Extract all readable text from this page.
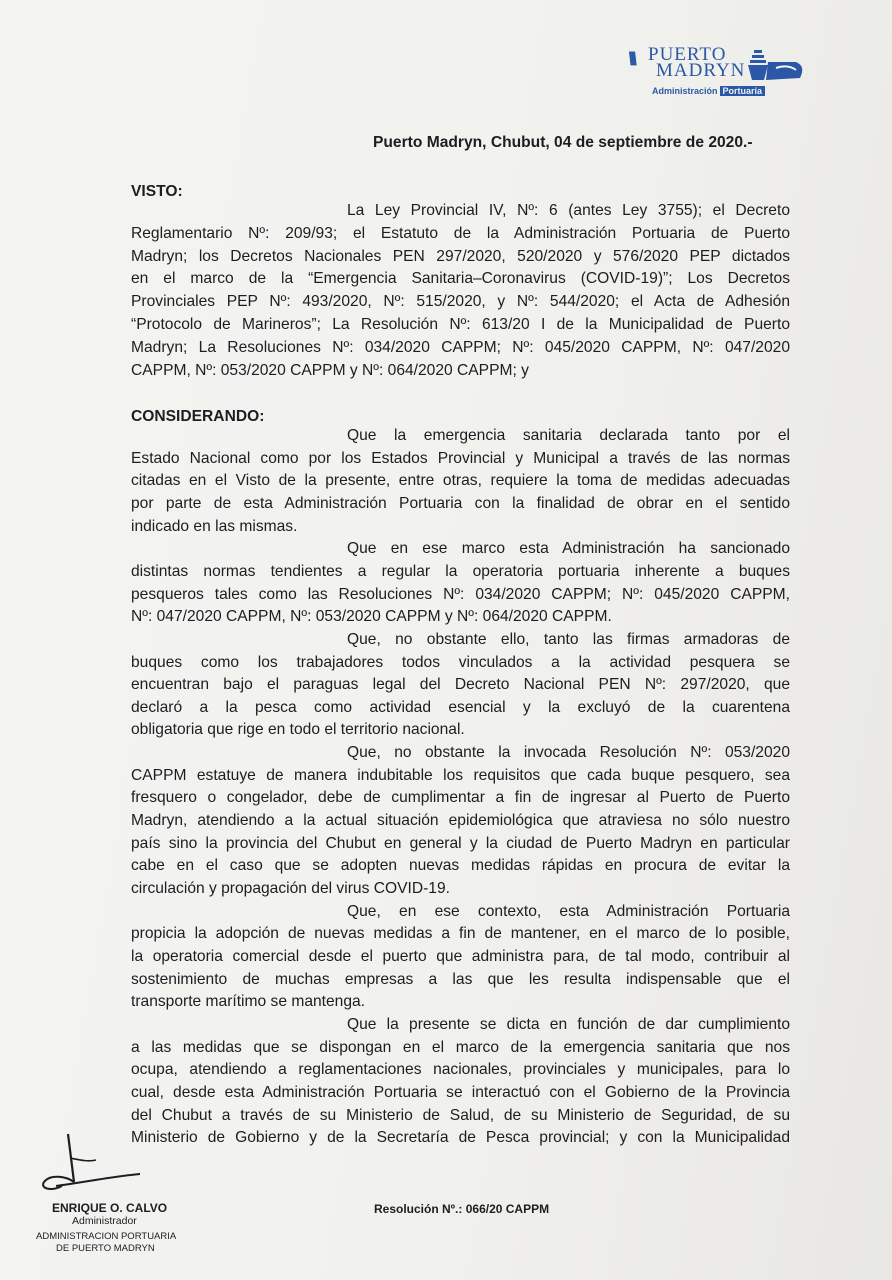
\\\ PUERTO
MADRYN
Administración Portuaria
Puerto Madryn, Chubut, 04 de septiembre de 2020.-
VISTO:
La Ley Provincial IV, Nº: 6 (antes Ley 3755); el Decreto
Reglamentario Nº: 209/93; el Estatuto de la Administración Portuaria de Puerto
Madryn; los Decretos Nacionales PEN 297/2020, 520/2020 y 576/2020 PEP dictados
en el marco de la “Emergencia Sanitaria–Coronavirus (COVID-19)”; Los Decretos
Provinciales PEP Nº: 493/2020, Nº: 515/2020, y Nº: 544/2020; el Acta de Adhesión
“Protocolo de Marineros”; La Resolución Nº: 613/20 I de la Municipalidad de Puerto
Madryn; La Resoluciones Nº: 034/2020 CAPPM; Nº: 045/2020 CAPPM, Nº: 047/2020
CAPPM, Nº: 053/2020 CAPPM y Nº: 064/2020 CAPPM; y
CONSIDERANDO:
Que la emergencia sanitaria declarada tanto por el
Estado Nacional como por los Estados Provincial y Municipal a través de las normas
citadas en el Visto de la presente, entre otras, requiere la toma de medidas adecuadas
por parte de esta Administración Portuaria con la finalidad de obrar en el sentido
indicado en las mismas.
Que en ese marco esta Administración ha sancionado
distintas normas tendientes a regular la operatoria portuaria inherente a buques
pesqueros tales como las Resoluciones Nº: 034/2020 CAPPM; Nº: 045/2020 CAPPM,
Nº: 047/2020 CAPPM, Nº: 053/2020 CAPPM y Nº: 064/2020 CAPPM.
Que, no obstante ello, tanto las firmas armadoras de
buques como los trabajadores todos vinculados a la actividad pesquera se
encuentran bajo el paraguas legal del Decreto Nacional PEN Nº: 297/2020, que
declaró a la pesca como actividad esencial y la excluyó de la cuarentena
obligatoria que rige en todo el territorio nacional.
Que, no obstante la invocada Resolución Nº: 053/2020
CAPPM estatuye de manera indubitable los requisitos que cada buque pesquero, sea
fresquero o congelador, debe de cumplimentar a fin de ingresar al Puerto de Puerto
Madryn, atendiendo a la actual situación epidemiológica que atraviesa no sólo nuestro
país sino la provincia del Chubut en general y la ciudad de Puerto Madryn en particular
cabe en el caso que se adopten nuevas medidas rápidas en procura de evitar la
circulación y propagación del virus COVID-19.
Que, en ese contexto, esta Administración Portuaria
propicia la adopción de nuevas medidas a fin de mantener, en el marco de lo posible,
la operatoria comercial desde el puerto que administra para, de tal modo, contribuir al
sostenimiento de muchas empresas a las que les resulta indispensable que el
transporte marítimo se mantenga.
Que la presente se dicta en función de dar cumplimiento
a las medidas que se dispongan en el marco de la emergencia sanitaria que nos
ocupa, atendiendo a reglamentaciones nacionales, provinciales y municipales, para lo
cual, desde esta Administración Portuaria se interactuó con el Gobierno de la Provincia
del Chubut a través de su Ministerio de Salud, de su Ministerio de Seguridad, de su
Ministerio de Gobierno y de la Secretaría de Pesca provincial; y con la Municipalidad
ENRIQUE O. CALVO
Administrador
ADMINISTRACION PORTUARIA
DE PUERTO MADRYN
Resolución Nº.: 066/20 CAPPM
